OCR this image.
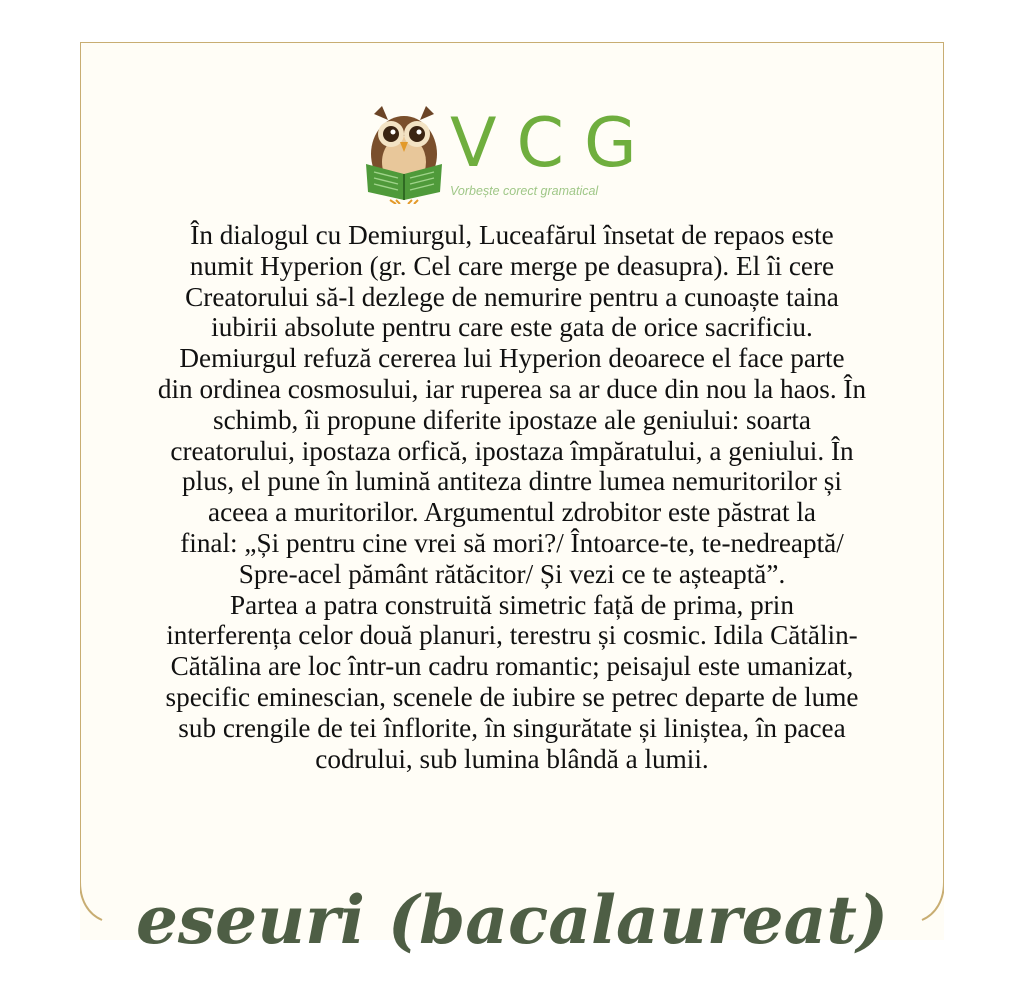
VCG
Vorbește corect gramatical
În dialogul cu Demiurgul, Luceafărul însetat de repaos este
numit Hyperion (gr. Cel care merge pe deasupra). El îi cere
Creatorului să-l dezlege de nemurire pentru a cunoaște taina
iubirii absolute pentru care este gata de orice sacrificiu.
Demiurgul refuză cererea lui Hyperion deoarece el face parte
din ordinea cosmosului, iar ruperea sa ar duce din nou la haos. În
schimb, îi propune diferite ipostaze ale geniului: soarta
creatorului, ipostaza orfică, ipostaza împăratului, a geniului. În
plus, el pune în lumină antiteza dintre lumea nemuritorilor și
aceea a muritorilor. Argumentul zdrobitor este păstrat la
final: „Și pentru cine vrei să mori?/ Întoarce-te, te-nedreaptă/
Spre-acel pământ rătăcitor/ Și vezi ce te așteaptă”.
Partea a patra construită simetric față de prima, prin
interferența celor două planuri, terestru și cosmic. Idila Cătălin-
Cătălina are loc într-un cadru romantic; peisajul este umanizat,
specific eminescian, scenele de iubire se petrec departe de lume
sub crengile de tei înflorite, în singurătate și liniștea, în pacea
codrului, sub lumina blândă a lumii.
eseuri (bacalaureat)
